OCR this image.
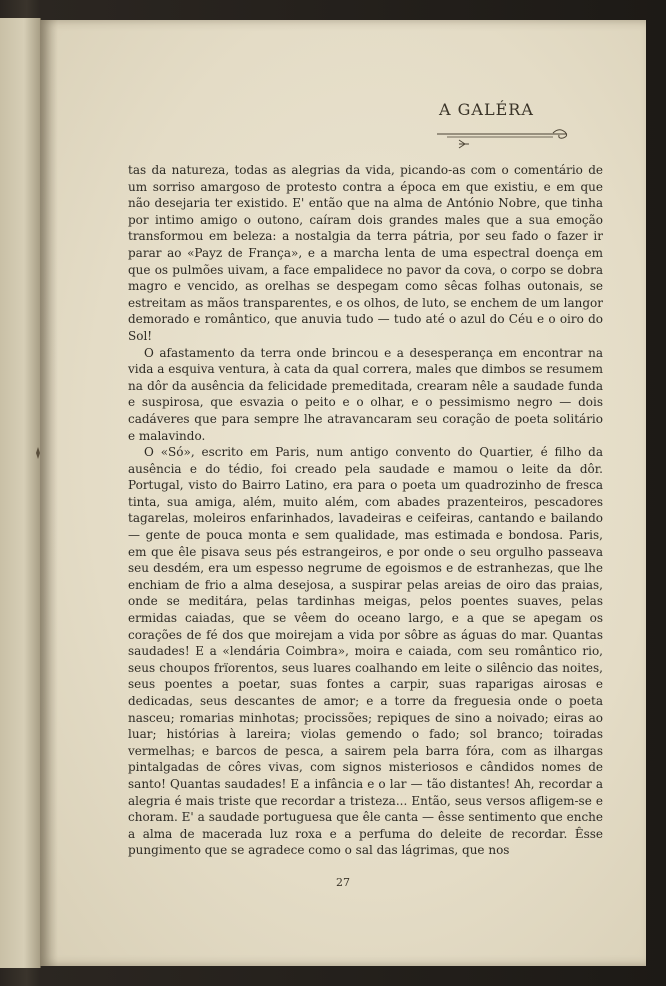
A GALÉRA

tas da natureza, todas as alegrias da vida, picando-as com o comentário de um sorriso amargoso de protesto contra a época em que existiu, e em que não desejaria ter existido. E' então que na alma de António Nobre, que tinha por intimo amigo o outono, caíram dois grandes males que a sua emoção transformou em beleza: a nostalgia da terra pátria, por seu fado o fazer ir parar ao «Payz de França», e a marcha lenta de uma espectral doença em que os pulmões uivam, a face empalidece no pavor da cova, o corpo se dobra magro e vencido, as orelhas se despegam como sêcas folhas outonais, se estreitam as mãos transparentes, e os olhos, de luto, se enchem de um langor demorado e romântico, que anuvia tudo — tudo até o azul do Céu e o oiro do Sol!

O afastamento da terra onde brincou e a desesperança em encontrar na vida a esquiva ventura, à cata da qual correra, males que dimbos se resumem na dôr da ausência da felicidade premeditada, crearam nêle a saudade funda e suspirosa, que esvazia o peito e o olhar, e o pessimismo negro — dois cadáveres que para sempre lhe atravancaram seu coração de poeta solitário e malavindo.

O «Só», escrito em Paris, num antigo convento do Quartier, é filho da ausência e do tédio, foi creado pela saudade e mamou o leite da dôr. Portugal, visto do Bairro Latino, era para o poeta um quadrozinho de fresca tinta, sua amiga, além, muito além, com abades prazenteiros, pescadores tagarelas, moleiros enfarinhados, lavadeiras e ceifeiras, cantando e bailando — gente de pouca monta e sem qualidade, mas estimada e bondosa. Paris, em que êle pisava seus pés estrangeiros, e por onde o seu orgulho passeava seu desdém, era um espesso negrume de egoismos e de estranhezas, que lhe enchiam de frio a alma desejosa, a suspirar pelas areias de oiro das praias, onde se meditára, pelas tardinhas meigas, pelos poentes suaves, pelas ermidas caiadas, que se vêem do oceano largo, e a que se apegam os corações de fé dos que moirejam a vida por sôbre as águas do mar. Quantas saudades! E a «lendária Coimbra», moira e caiada, com seu romântico rio, seus choupos frïorentos, seus luares coalhando em leite o silêncio das noites, seus poentes a poetar, suas fontes a carpir, suas raparigas airosas e dedicadas, seus descantes de amor; e a torre da freguesia onde o poeta nasceu; romarias minhotas; procissões; repiques de sino a noivado; eiras ao luar; histórias à lareira; violas gemendo o fado; sol branco; toiradas vermelhas; e barcos de pesca, a sairem pela barra fóra, com as ilhargas pintalgadas de côres vivas, com signos misteriosos e cândidos nomes de santo! Quantas saudades! E a infância e o lar — tão distantes! Ah, recordar a alegria é mais triste que recordar a tristeza... Então, seus versos afligem-se e choram. E' a saudade portuguesa que êle canta — êsse sentimento que enche a alma de macerada luz roxa e a perfuma do deleite de recordar. Êsse pungimento que se agradece como o sal das lágrimas, que nos

27
